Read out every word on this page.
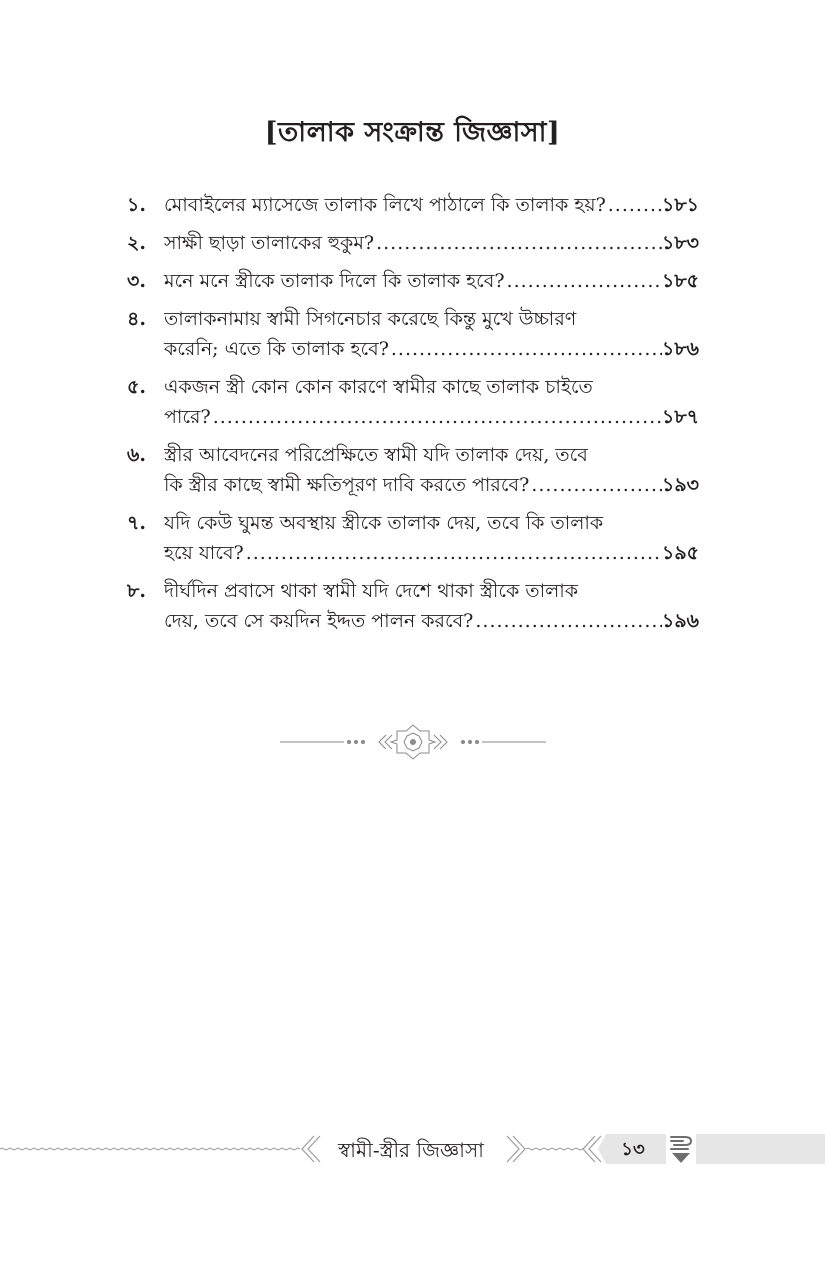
[তালাক সংক্রান্ত জিজ্ঞাসা]
১. মোবাইলের ম্যাসেজে তালাক লিখে পাঠালে কি তালাক হয়? .....	১৮১
২. সাক্ষী ছাড়া তালাকের হুকুম? .....	১৮৩
৩. মনে মনে স্ত্রীকে তালাক দিলে কি তালাক হবে? .....	১৮৫
৪. তালাকনামায় স্বামী সিগনেচার করেছে কিন্তু মুখে উচ্চারণ
করেনি; এতে কি তালাক হবে? .....	১৮৬
৫. একজন স্ত্রী কোন কোন কারণে স্বামীর কাছে তালাক চাইতে
পারে? .....	১৮৭
৬. স্ত্রীর আবেদনের পরিপ্রেক্ষিতে স্বামী যদি তালাক দেয়, তবে
কি স্ত্রীর কাছে স্বামী ক্ষতিপূরণ দাবি করতে পারবে? .....	১৯৩
৭. যদি কেউ ঘুমন্ত অবস্থায় স্ত্রীকে তালাক দেয়, তবে কি তালাক
হয়ে যাবে? .....	১৯৫
৮. দীর্ঘদিন প্রবাসে থাকা স্বামী যদি দেশে থাকা স্ত্রীকে তালাক
দেয়, তবে সে কয়দিন ইদ্দত পালন করবে? .....	১৯৬
স্বামী-স্ত্রীর জিজ্ঞাসা	১৩
